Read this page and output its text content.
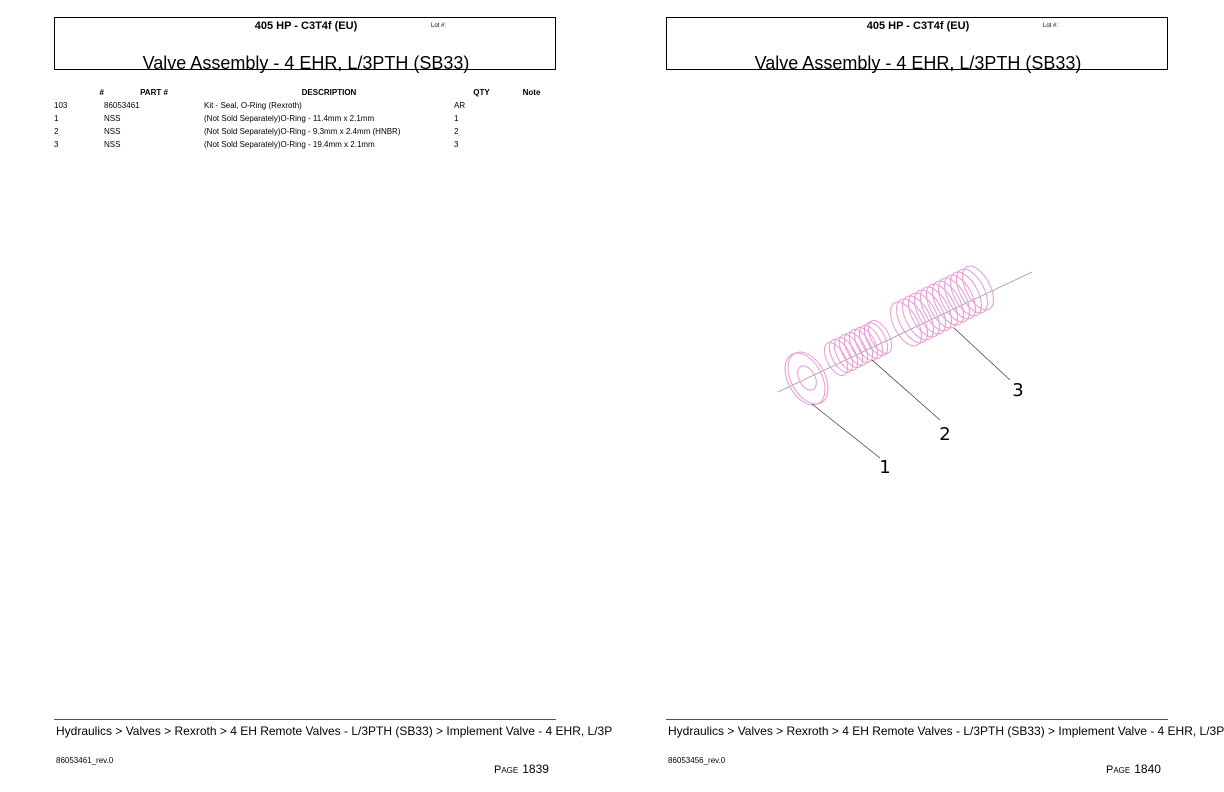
405 HP - C3T4f (EU)	Lot #:
Valve Assembly - 4 EHR, L/3PTH (SB33)
#	PART #	DESCRIPTION	QTY	Note
103	86053461	Kit - Seal, O-Ring (Rexroth)	AR	
1	NSS	(Not Sold Separately)O-Ring - 11.4mm x 2.1mm	1	
2	NSS	(Not Sold Separately)O-Ring - 9.3mm x 2.4mm (HNBR)	2	
3	NSS	(Not Sold Separately)O-Ring - 19.4mm x 2.1mm	3	
Hydraulics > Valves > Rexroth > 4 EH Remote Valves - L/3PTH (SB33) > Implement Valve - 4 EHR, L/3P
86053461_rev.0
Page 1839
405 HP - C3T4f (EU)	Lot #:
Valve Assembly - 4 EHR, L/3PTH (SB33)
1
2
3
Hydraulics > Valves > Rexroth > 4 EH Remote Valves - L/3PTH (SB33) > Implement Valve - 4 EHR, L/3P
86053456_rev.0
Page 1840
